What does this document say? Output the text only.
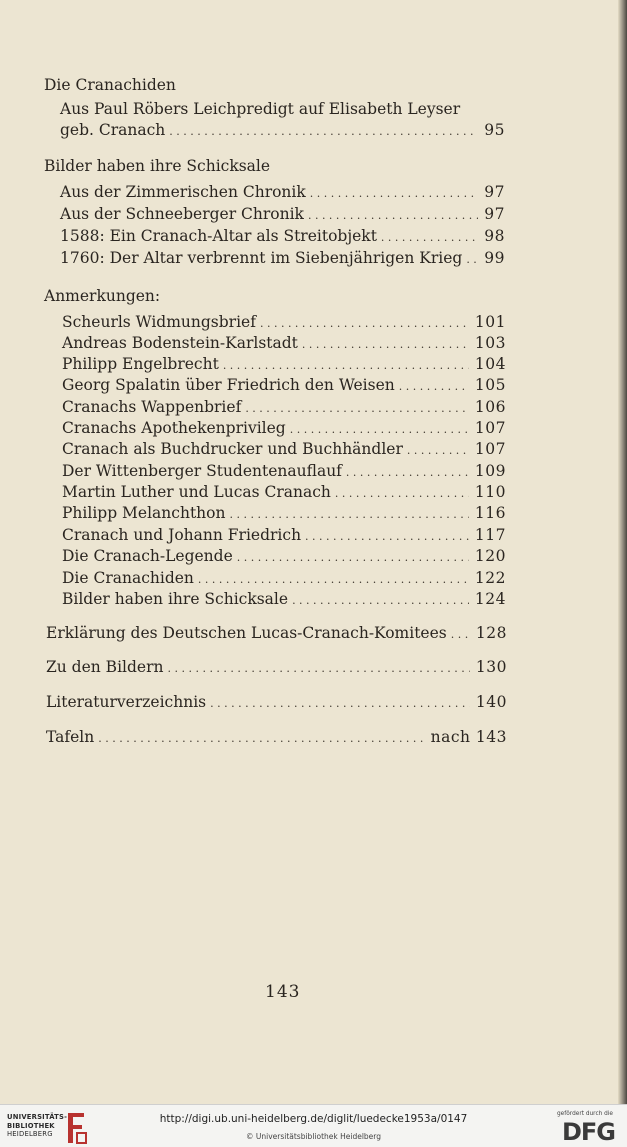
Die Cranachiden
Aus Paul Röbers Leichpredigt auf Elisabeth Leyser
geb. Cranach . . .	95
Bilder haben ihre Schicksale
Aus der Zimmerischen Chronik . . .	97
Aus der Schneeberger Chronik . . .	97
1588: Ein Cranach-Altar als Streitobjekt . . .	98
1760: Der Altar verbrennt im Siebenjährigen Krieg . . .	99
Anmerkungen:
Scheurls Widmungsbrief . . .	101
Andreas Bodenstein-Karlstadt . . .	103
Philipp Engelbrecht . . .	104
Georg Spalatin über Friedrich den Weisen . . .	105
Cranachs Wappenbrief . . .	106
Cranachs Apothekenprivileg . . .	107
Cranach als Buchdrucker und Buchhändler . . .	107
Der Wittenberger Studentenauflauf . . .	109
Martin Luther und Lucas Cranach . . .	110
Philipp Melanchthon . . .	116
Cranach und Johann Friedrich . . .	117
Die Cranach-Legende . . .	120
Die Cranachiden . . .	122
Bilder haben ihre Schicksale . . .	124
Erklärung des Deutschen Lucas-Cranach-Komitees . . .	128
Zu den Bildern . . .	130
Literaturverzeichnis . . .	140
Tafeln . . .	nach 143
143
UNIVERSITÄTS-
BIBLIOTHEK
HEIDELBERG
http://digi.ub.uni-heidelberg.de/diglit/luedecke1953a/0147
© Universitätsbibliothek Heidelberg
gefördert durch die
DFG
